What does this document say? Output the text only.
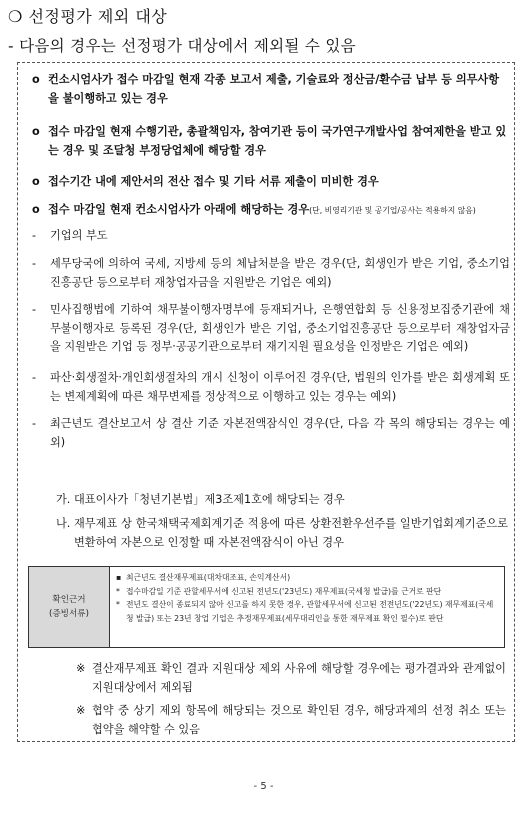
❍ 선정평가 제외 대상
- 다음의 경우는 선정평가 대상에서 제외될 수 있음
o 컨소시엄사가 접수 마감일 현재 각종 보고서 제출, 기술료와 정산금/환수금 납부 등 의무사항을 불이행하고 있는 경우
o 접수 마감일 현재 수행기관, 총괄책임자, 참여기관 등이 국가연구개발사업 참여제한을 받고 있는 경우 및 조달청 부정당업체에 해당할 경우
o 접수기간 내에 제안서의 전산 접수 및 기타 서류 제출이 미비한 경우
o 접수 마감일 현재 컨소시엄사가 아래에 해당하는 경우(단, 비영리기관 및 공기업/공사는 적용하지 않음)
- 기업의 부도
- 세무당국에 의하여 국세, 지방세 등의 체납처분을 받은 경우(단, 회생인가 받은 기업, 중소기업진흥공단 등으로부터 재창업자금을 지원받은 기업은 예외)
- 민사집행법에 기하여 채무불이행자명부에 등재되거나, 은행연합회 등 신용정보집중기관에 채무불이행자로 등록된 경우(단, 회생인가 받은 기업, 중소기업진흥공단 등으로부터 재창업자금을 지원받은 기업 등 정부·공공기관으로부터 재기지원 필요성을 인정받은 기업은 예외)
- 파산·회생절차·개인회생절차의 개시 신청이 이루어진 경우(단, 법원의 인가를 받은 회생계획 또는 변제계획에 따른 채무변제를 정상적으로 이행하고 있는 경우는 예외)
- 최근년도 결산보고서 상 결산 기준 자본전액잠식인 경우(단, 다음 각 목의 해당되는 경우는 예외)
가. 대표이사가「청년기본법」제3조제1호에 해당되는 경우
나. 재무제표 상 한국채택국제회계기준 적용에 따른 상환전환우선주를 일반기업회계기준으로 변환하여 자본으로 인정할 때 자본전액잠식이 아닌 경우
확인근거
(증빙서류)
▪ 최근년도 결산재무제표(대차대조표, 손익계산서)
* 접수마감일 기준 관할세무서에 신고된 전년도('23년도) 재무제표(국세청 발급)를 근거로 판단
* 전년도 결산이 종료되지 않아 신고를 하지 못한 경우, 관할세무서에 신고된 전전년도('22년도) 재무제표(국세청 발급) 또는 23년 창업 기업은 추정재무제표(세무대리인을 통한 재무제표 확인 필수)로 판단
※ 결산재무제표 확인 결과 지원대상 제외 사유에 해당할 경우에는 평가결과와 관계없이 지원대상에서 제외됨
※ 협약 중 상기 제외 항목에 해당되는 것으로 확인된 경우, 해당과제의 선정 취소 또는 협약을 해약할 수 있음
- 5 -
